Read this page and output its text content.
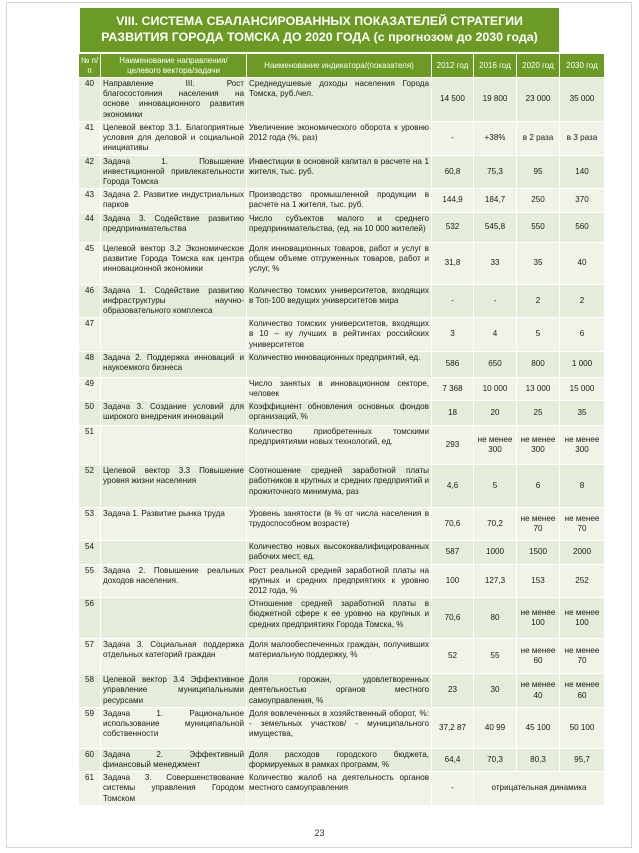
VIII. СИСТЕМА СБАЛАНСИРОВАННЫХ ПОКАЗАТЕЛЕЙ СТРАТЕГИИ
РАЗВИТИЯ ГОРОДА ТОМСКА ДО 2020 ГОДА (с прогнозом до 2030 года)
№ п/п	Наименование направления/ целевого вектора/задачи	Наименование индикатора/(показателя)	2012 год	2016 год	2020 год	2030 год
40	Направление III. Рост благосостояния населения на основе инновационного развития экономики	Среднедушевые доходы населения Города Томска, руб./чел.	14 500	19 800	23 000	35 000
41	Целевой вектор 3.1. Благоприятные условия для деловой и социальной инициативы	Увеличение экономического оборота к уровню 2012 года (%, раз)	-	+38%	в 2 раза	в 3 раза
42	Задача 1. Повышение инвестиционной привлекательности Города Томска	Инвестиции в основной капитал в расчете на 1 жителя, тыс. руб.	60,8	75,3	95	140
43	Задача 2. Развитие индустриальных парков	Производство промышленной продукции в расчете на 1 жителя, тыс. руб.	144,9	184,7	250	370
44	Задача 3. Содействие развитию предпринимательства	Число субъектов малого и среднего предпринимательства, (ед. на 10 000 жителей)	532	545,8	550	560
45	Целевой вектор 3.2 Экономическое развитие Города Томска как центра инновационной экономики	Доля инновационных товаров, работ и услуг в общем объеме отгруженных товаров, работ и услуг, %	31,8	33	35	40
46	Задача 1. Содействие развитию инфраструктуры научно-образовательного комплекса	Количество томских университетов, входящих в Топ-100 ведущих университетов мира	-	-	2	2
47		Количество томских университетов, входящих в 10 – ку лучших в рейтингах российских университетов	3	4	5	6
48	Задача 2. Поддержка инноваций и наукоемкого бизнеса	Количество инновационных предприятий, ед.	586	650	800	1 000
49		Число занятых в инновационном секторе, человек	7 368	10 000	13 000	15 000
50	Задача 3. Создание условий для широкого внедрения инноваций	Коэффициент обновления основных фондов организаций, %	18	20	25	35
51		Количество приобретенных томскими предприятиями новых технологий, ед.	293	не менее 300	не менее 300	не менее 300
52	Целевой вектор 3.3 Повышение уровня жизни населения	Соотношение средней заработной платы работников в крупных и средних предприятий и прожиточного минимума, раз	4,6	5	6	8
53	Задача 1. Развитие рынка труда	Уровень занятости (в % от числа населения в трудоспособном возрасте)	70,6	70,2	не менее 70	не менее 70
54		Количество новых высококвалифицированных рабочих мест, ед.	587	1000	1500	2000
55	Задача 2. Повышение реальных доходов населения.	Рост реальной средней заработной платы на крупных и средних предприятиях к уровню 2012 года, %	100	127,3	153	252
56		Отношение средней заработной платы в бюджетной сфере к ее уровню на крупных и средних предприятиях Города Томска, %	70,6	80	не менее 100	не менее 100
57	Задача 3. Социальная поддержка отдельных категорий граждан	Доля малообеспеченных граждан, получивших материальную поддержку, %	52	55	не менее 60	не менее 70
58	Целевой вектор 3.4 Эффективное управление муниципальными ресурсами	Доля горожан, удовлетворенных деятельностью органов местного самоуправления, %	23	30	не менее 40	не менее 60
59	Задача 1. Рациональное использование муниципальной собственности	Доля вовлеченных в хозяйственный оборот, %: - земельных участков/ - муниципального имущества,	37,2 87	40 99	45 100	50 100
60	Задача 2. Эффективный финансовый менеджмент	Доля расходов городского бюджета, формируемых в рамках программ, %	64,4	70,3	80,3	95,7
61	Задача 3. Совершенствование системы управления Городом Томском	Количество жалоб на деятельность органов местного самоуправления	-	отрицательная динамика		
23
